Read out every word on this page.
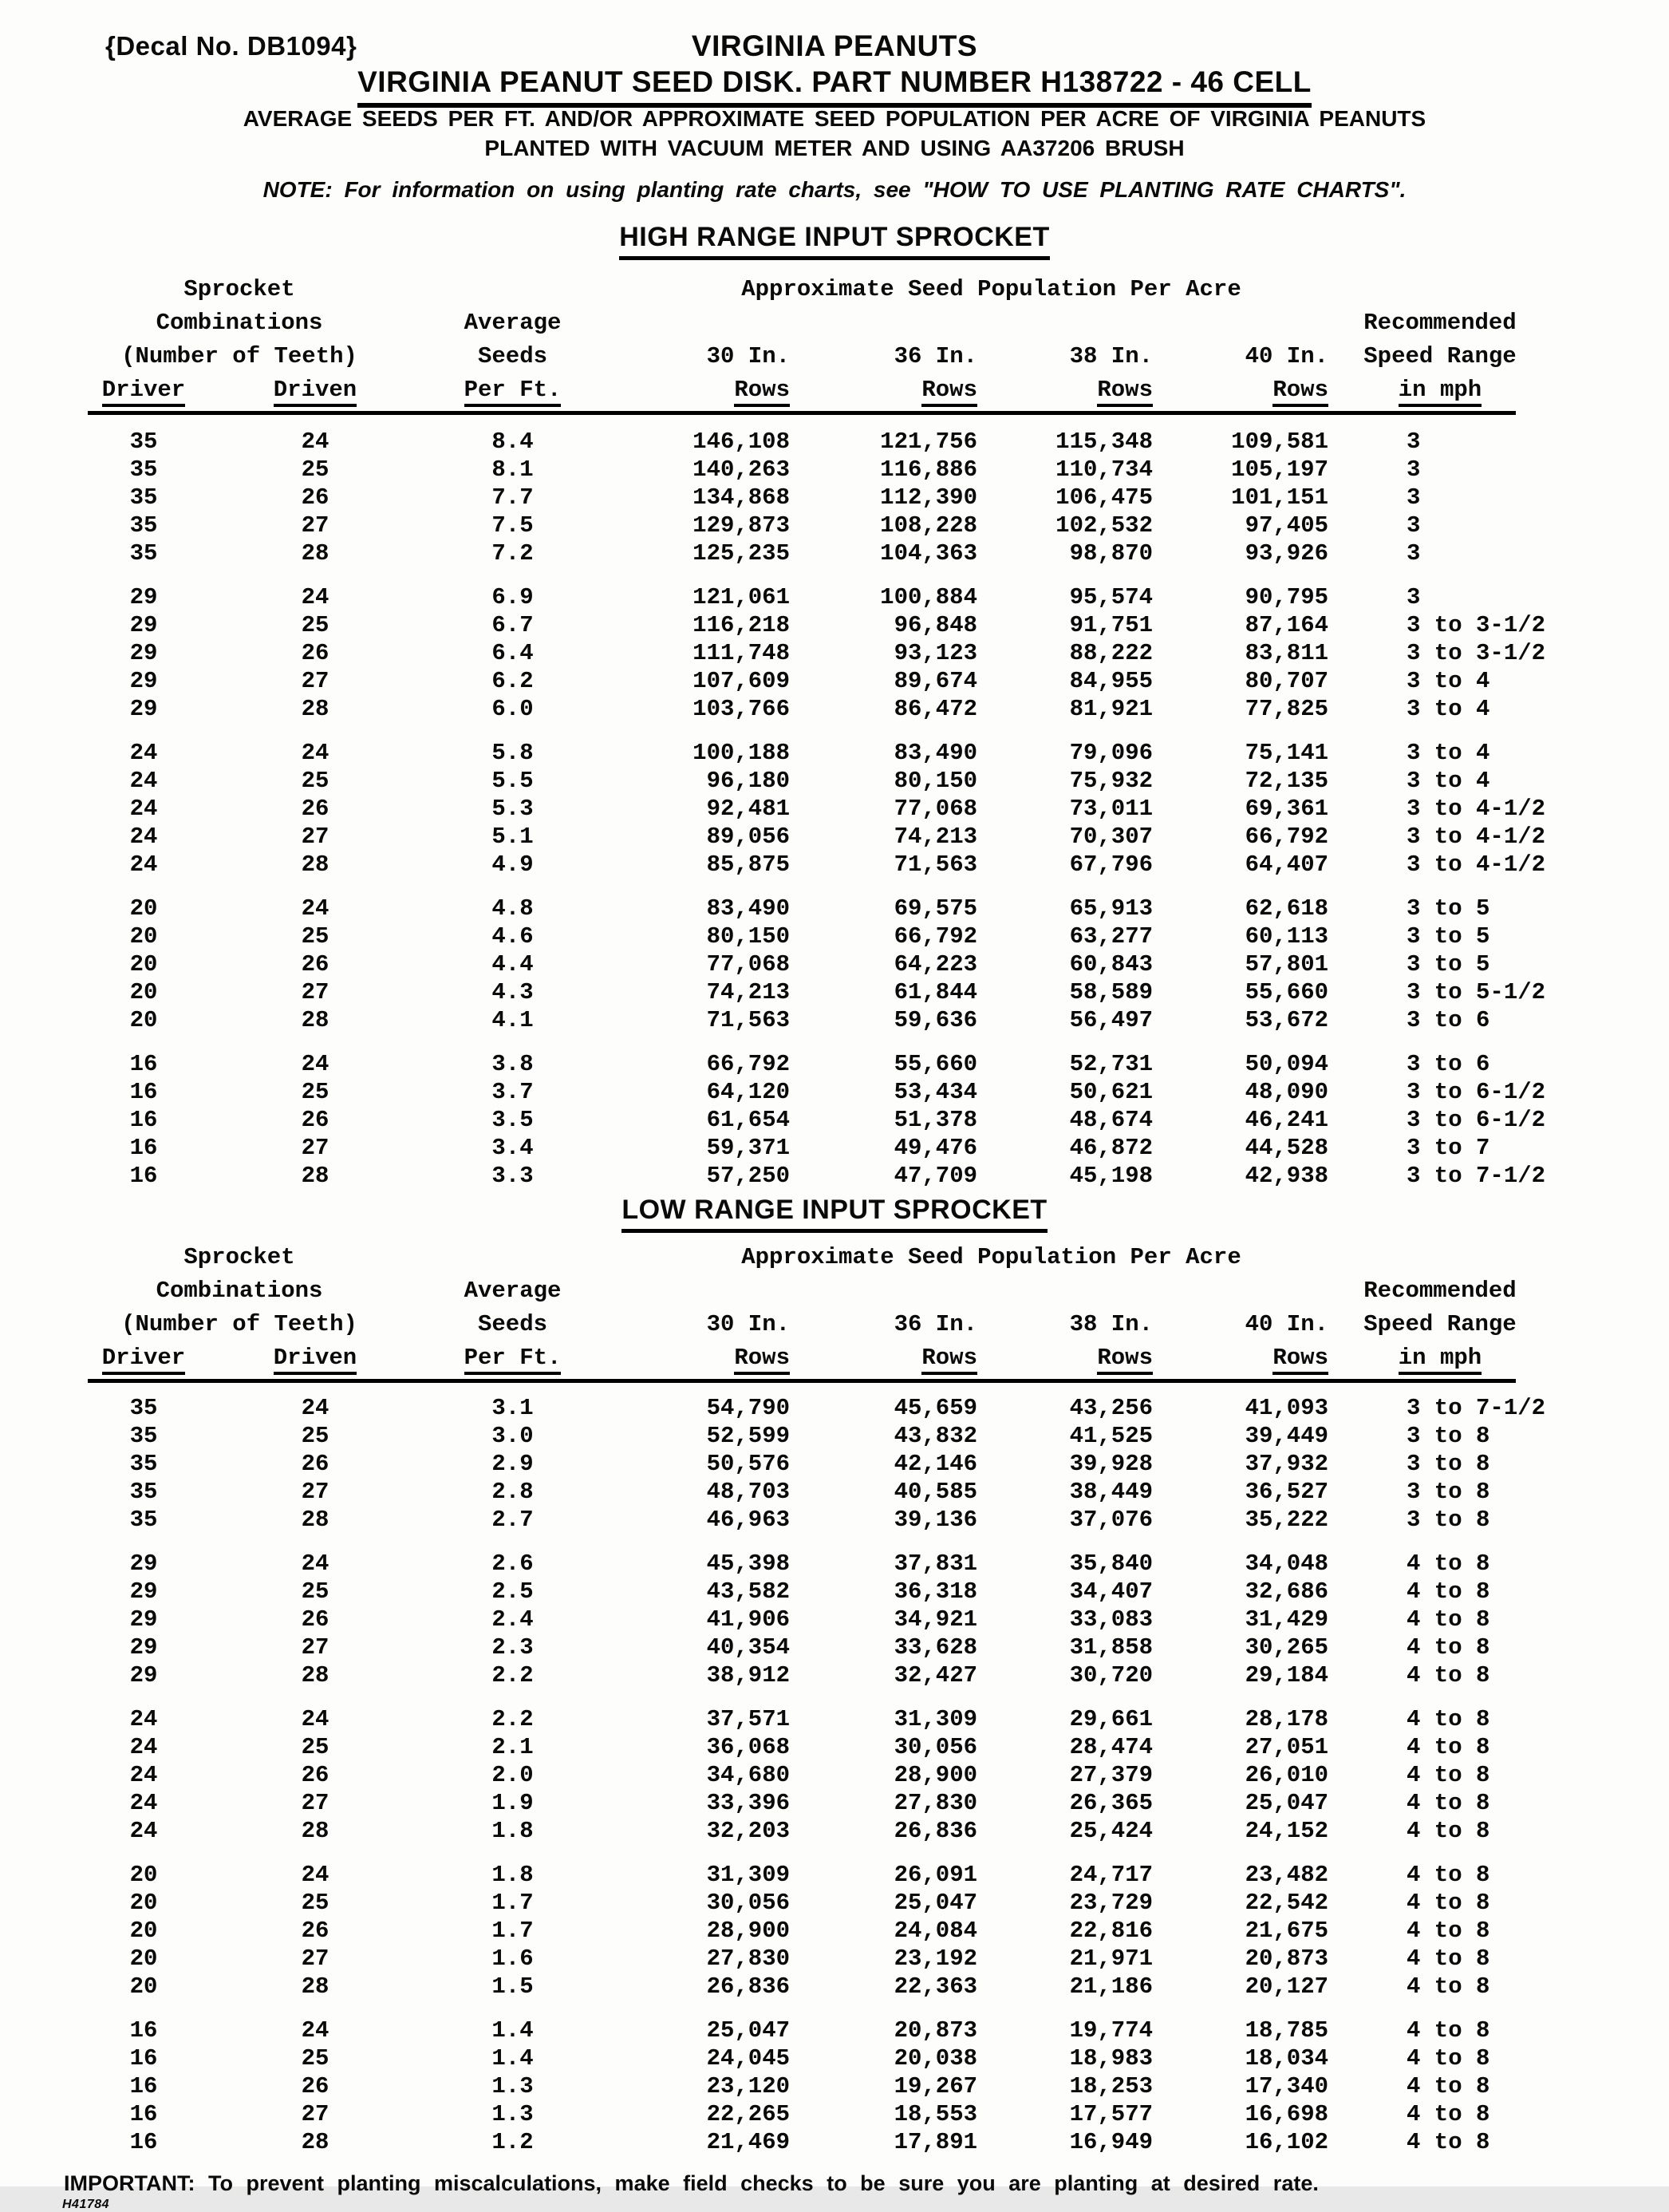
{Decal No. DB1094}	VIRGINIA PEANUTS
VIRGINIA PEANUT SEED DISK. PART NUMBER H138722 - 46 CELL
AVERAGE SEEDS PER FT. AND/OR APPROXIMATE SEED POPULATION PER ACRE OF VIRGINIA PEANUTS
PLANTED WITH VACUUM METER AND USING AA37206 BRUSH
NOTE: For information on using planting rate charts, see "HOW TO USE PLANTING RATE CHARTS".
HIGH RANGE INPUT SPROCKET
Sprocket	Approximate Seed Population Per Acre
Combinations	Average	Recommended
(Number of Teeth)	Seeds	30 In.	36 In.	38 In.	40 In.	Speed Range
Driver	Driven	Per Ft.	Rows	Rows	Rows	Rows	in mph
35	24	8.4	146,108	121,756	115,348	109,581	3
35	25	8.1	140,263	116,886	110,734	105,197	3
35	26	7.7	134,868	112,390	106,475	101,151	3
35	27	7.5	129,873	108,228	102,532	97,405	3
35	28	7.2	125,235	104,363	98,870	93,926	3
29	24	6.9	121,061	100,884	95,574	90,795	3
29	25	6.7	116,218	96,848	91,751	87,164	3 to 3-1/2
29	26	6.4	111,748	93,123	88,222	83,811	3 to 3-1/2
29	27	6.2	107,609	89,674	84,955	80,707	3 to 4
29	28	6.0	103,766	86,472	81,921	77,825	3 to 4
24	24	5.8	100,188	83,490	79,096	75,141	3 to 4
24	25	5.5	96,180	80,150	75,932	72,135	3 to 4
24	26	5.3	92,481	77,068	73,011	69,361	3 to 4-1/2
24	27	5.1	89,056	74,213	70,307	66,792	3 to 4-1/2
24	28	4.9	85,875	71,563	67,796	64,407	3 to 4-1/2
20	24	4.8	83,490	69,575	65,913	62,618	3 to 5
20	25	4.6	80,150	66,792	63,277	60,113	3 to 5
20	26	4.4	77,068	64,223	60,843	57,801	3 to 5
20	27	4.3	74,213	61,844	58,589	55,660	3 to 5-1/2
20	28	4.1	71,563	59,636	56,497	53,672	3 to 6
16	24	3.8	66,792	55,660	52,731	50,094	3 to 6
16	25	3.7	64,120	53,434	50,621	48,090	3 to 6-1/2
16	26	3.5	61,654	51,378	48,674	46,241	3 to 6-1/2
16	27	3.4	59,371	49,476	46,872	44,528	3 to 7
16	28	3.3	57,250	47,709	45,198	42,938	3 to 7-1/2
LOW RANGE INPUT SPROCKET
Sprocket	Approximate Seed Population Per Acre
Combinations	Average	Recommended
(Number of Teeth)	Seeds	30 In.	36 In.	38 In.	40 In.	Speed Range
Driver	Driven	Per Ft.	Rows	Rows	Rows	Rows	in mph
35	24	3.1	54,790	45,659	43,256	41,093	3 to 7-1/2
35	25	3.0	52,599	43,832	41,525	39,449	3 to 8
35	26	2.9	50,576	42,146	39,928	37,932	3 to 8
35	27	2.8	48,703	40,585	38,449	36,527	3 to 8
35	28	2.7	46,963	39,136	37,076	35,222	3 to 8
29	24	2.6	45,398	37,831	35,840	34,048	4 to 8
29	25	2.5	43,582	36,318	34,407	32,686	4 to 8
29	26	2.4	41,906	34,921	33,083	31,429	4 to 8
29	27	2.3	40,354	33,628	31,858	30,265	4 to 8
29	28	2.2	38,912	32,427	30,720	29,184	4 to 8
24	24	2.2	37,571	31,309	29,661	28,178	4 to 8
24	25	2.1	36,068	30,056	28,474	27,051	4 to 8
24	26	2.0	34,680	28,900	27,379	26,010	4 to 8
24	27	1.9	33,396	27,830	26,365	25,047	4 to 8
24	28	1.8	32,203	26,836	25,424	24,152	4 to 8
20	24	1.8	31,309	26,091	24,717	23,482	4 to 8
20	25	1.7	30,056	25,047	23,729	22,542	4 to 8
20	26	1.7	28,900	24,084	22,816	21,675	4 to 8
20	27	1.6	27,830	23,192	21,971	20,873	4 to 8
20	28	1.5	26,836	22,363	21,186	20,127	4 to 8
16	24	1.4	25,047	20,873	19,774	18,785	4 to 8
16	25	1.4	24,045	20,038	18,983	18,034	4 to 8
16	26	1.3	23,120	19,267	18,253	17,340	4 to 8
16	27	1.3	22,265	18,553	17,577	16,698	4 to 8
16	28	1.2	21,469	17,891	16,949	16,102	4 to 8
IMPORTANT: To prevent planting miscalculations, make field checks to be sure you are planting at desired rate.
H41784
